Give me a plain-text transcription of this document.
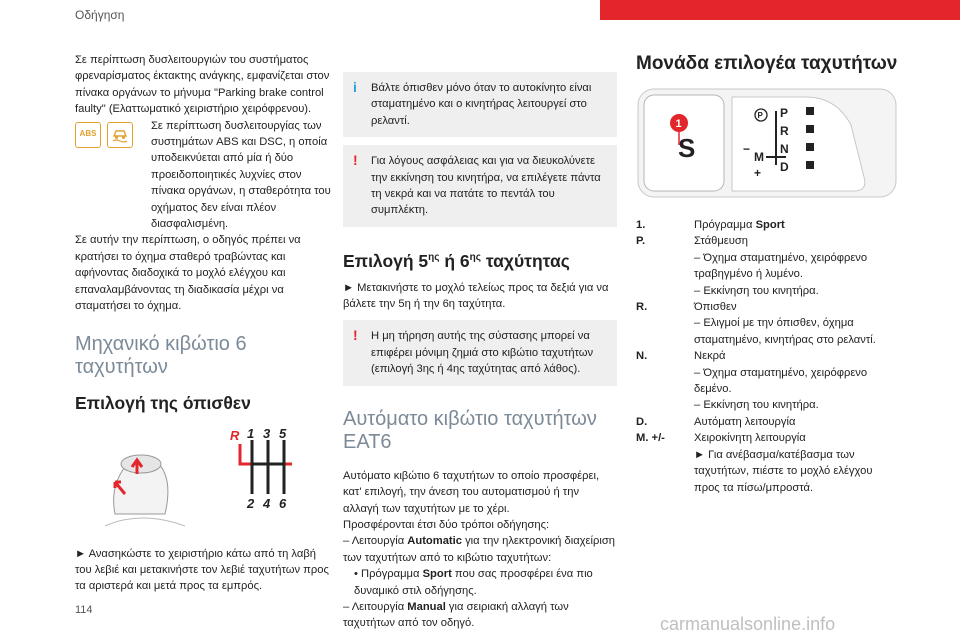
Οδήγηση

Σε περίπτωση δυσλειτουργιών του συστήματος φρεναρίσματος έκτακτης ανάγκης, εμφανίζεται στον πίνακα οργάνων το μήνυμα "Parking brake control faulty" (Ελαττωματικό χειριστήριο χειρόφρενου).

ABS

Σε περίπτωση δυσλειτουργίας των συστημάτων ABS και DSC, η οποία υποδεικνύεται από μία ή δύο προειδοποιητικές λυχνίες στον πίνακα οργάνων, η σταθερότητα του οχήματος δεν είναι πλέον διασφαλισμένη.

Σε αυτήν την περίπτωση, ο οδηγός πρέπει να κρατήσει το όχημα σταθερό τραβώντας και αφήνοντας διαδοχικά το μοχλό ελέγχου και επαναλαμβάνοντας τη διαδικασία μέχρι να σταματήσει το όχημα.

Μηχανικό κιβώτιο 6 ταχυτήτων
Επιλογή της όπισθεν
R 1 3 5
2 4 6

► Ανασηκώστε το χειριστήριο κάτω από τη λαβή του λεβιέ και μετακινήστε τον λεβιέ ταχυτήτων προς τα αριστερά και μετά προς τα εμπρός.

i Βάλτε όπισθεν μόνο όταν το αυτοκίνητο είναι σταματημένο και ο κινητήρας λειτουργεί στο ρελαντί.

! Για λόγους ασφάλειας και για να διευκολύνετε την εκκίνηση του κινητήρα, να επιλέγετε πάντα τη νεκρά και να πατάτε το πεντάλ του συμπλέκτη.

Επιλογή $5^{\eta\varsigma}$ ή $6^{\eta\varsigma}$ ταχύτητας

► Μετακινήστε το μοχλό τελείως προς τα δεξιά για να βάλετε την 5η ή την 6η ταχύτητα.

! Η μη τήρηση αυτής της σύστασης μπορεί να επιφέρει μόνιμη ζημιά στο κιβώτιο ταχυτήτων (επιλογή 3ης ή 4ης ταχύτητας από λάθος).

Αυτόματο κιβώτιο ταχυτήτων EAT6

Αυτόματο κιβώτιο 6 ταχυτήτων το οποίο προσφέρει, κατ' επιλογή, την άνεση του αυτοματισμού ή την αλλαγή των ταχυτήτων με το χέρι.

Προσφέρονται έτσι δύο τρόποι οδήγησης:

– Λειτουργία Automatic για την ηλεκτρονική διαχείριση των ταχυτήτων από το κιβώτιο ταχυτήτων:

• Πρόγραμμα Sport που σας προσφέρει ένα πιο δυναμικό στιλ οδήγησης.

– Λειτουργία Manual για σειριακή αλλαγή των ταχυτήτων από τον οδηγό.

Μονάδα επιλογέα ταχυτήτων
S
1
P P
R
N
D
M
−
+
1.	Πρόγραμμα Sport
P.	Στάθμευση
– Όχημα σταματημένο, χειρόφρενο τραβηγμένο ή λυμένο.
– Εκκίνηση του κινητήρα.
R.	Όπισθεν
– Ελιγμοί με την όπισθεν, όχημα σταματημένο, κινητήρας στο ρελαντί.
N.	Νεκρά
– Όχημα σταματημένο, χειρόφρενο δεμένο.
– Εκκίνηση του κινητήρα.
D.	Αυτόματη λειτουργία
M. +/-	Χειροκίνητη λειτουργία
► Για ανέβασμα/κατέβασμα των ταχυτήτων, πιέστε το μοχλό ελέγχου προς τα πίσω/μπροστά.
114
carmanualsonline.info
